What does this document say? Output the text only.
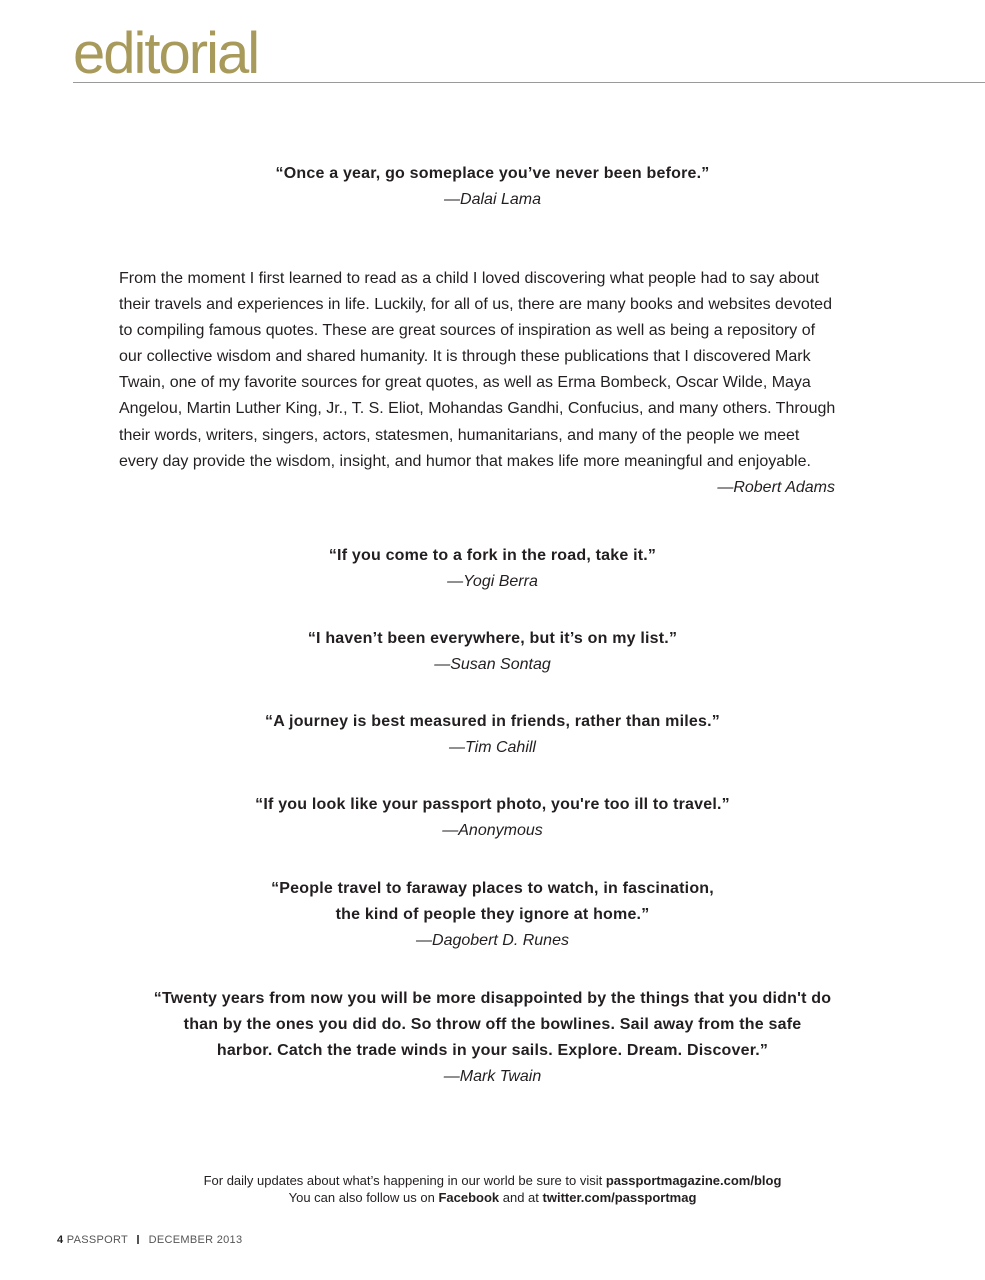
editorial

“Once a year, go someplace you’ve never been before.”

—Dalai Lama

From the moment I first learned to read as a child I loved discovering what people had to say about
their travels and experiences in life. Luckily, for all of us, there are many books and websites devoted
to compiling famous quotes. These are great sources of inspiration as well as being a repository of
our collective wisdom and shared humanity. It is through these publications that I discovered Mark
Twain, one of my favorite sources for great quotes, as well as Erma Bombeck, Oscar Wilde, Maya
Angelou, Martin Luther King, Jr., T. S. Eliot, Mohandas Gandhi, Confucius, and many others. Through
their words, writers, singers, actors, statesmen, humanitarians, and many of the people we meet
every day provide the wisdom, insight, and humor that makes life more meaningful and enjoyable.

—Robert Adams

“If you come to a fork in the road, take it.”

—Yogi Berra

“I haven’t been everywhere, but it’s on my list.”

—Susan Sontag

“A journey is best measured in friends, rather than miles.”

—Tim Cahill

“If you look like your passport photo, you're too ill to travel.”

—Anonymous

“People travel to faraway places to watch, in fascination,

the kind of people they ignore at home.”

—Dagobert D. Runes

“Twenty years from now you will be more disappointed by the things that you didn't do

than by the ones you did do. So throw off the bowlines. Sail away from the safe

harbor. Catch the trade winds in your sails. Explore. Dream. Discover.”

—Mark Twain

For daily updates about what’s happening in our world be sure to visit passportmagazine.com/blog

You can also follow us on Facebook and at twitter.com/passportmag

4 PASSPORT DECEMBER 2013
